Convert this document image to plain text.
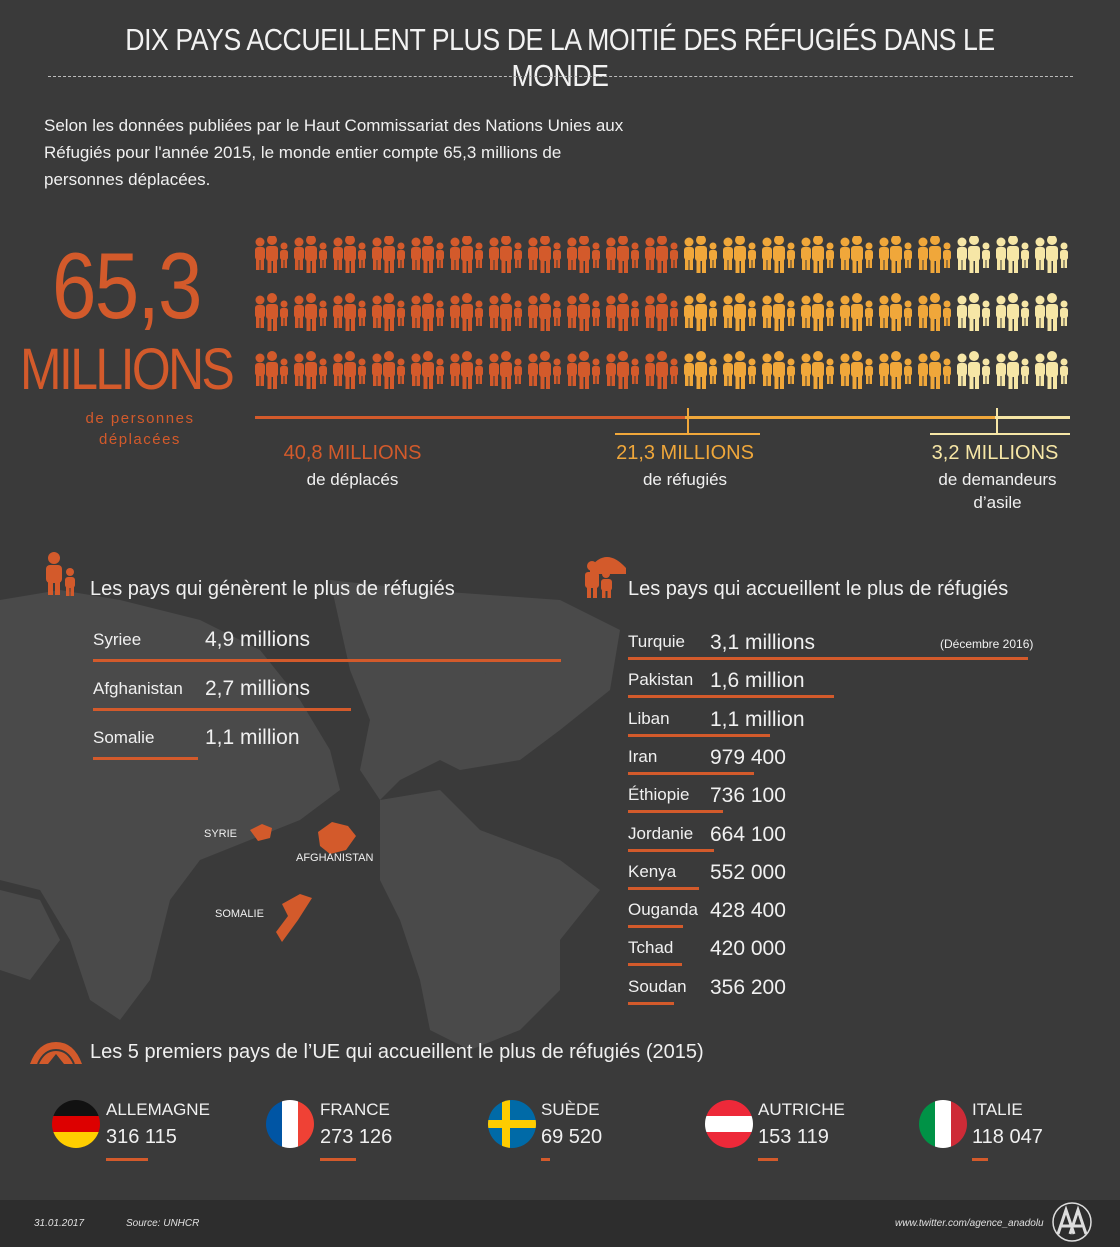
DIX PAYS ACCUEILLENT PLUS DE LA MOITIÉ DES RÉFUGIÉS DANS LE MONDE
Selon les données publiées par le Haut Commissariat des Nations Unies aux Réfugiés pour l'année 2015, le monde entier compte 65,3 millions de personnes déplacées.
65,3
MILLIONS
de personnes déplacées
40,8 MILLIONS
de déplacés
21,3 MILLIONS
de réfugiés
3,2 MILLIONS
de demandeurs d’asile
SYRIE
AFGHANISTAN
SOMALIE
Les pays qui génèrent le plus de réfugiés
Syriee	4,9 millions
Afghanistan 2,7 millions
Somalie 1,1 million
Les pays qui accueillent le plus de réfugiés
(Décembre 2016)
Turquie 3,1 millions
Pakistan 1,6 million
Liban 1,1 million
Iran	979 400
Éthiopie 736 100
Jordanie 664 100
Kenya 552 000
Ouganda 428 400
Tchad 420 000
Soudan 356 200
Les 5 premiers pays de l’UE qui accueillent le plus de réfugiés (2015)
ALLEMAGNE
316 115
FRANCE
273 126
SUÈDE
69 520
AUTRICHE
153 119
ITALIE
118 047
31.01.2017	Source: UNHCR	www.twitter.com/agence_anadolu
